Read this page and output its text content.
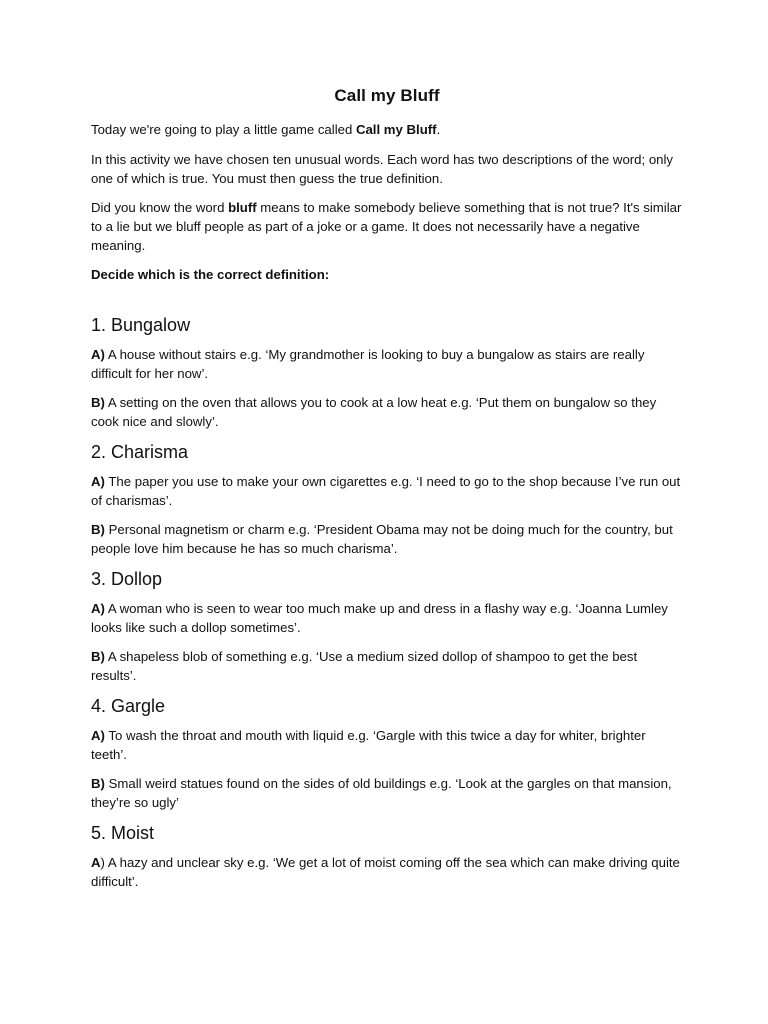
Call my Bluff

Today we're going to play a little game called Call my Bluff.

In this activity we have chosen ten unusual words. Each word has two descriptions of the word; only one of which is true. You must then guess the true definition.

Did you know the word bluff means to make somebody believe something that is not true? It's similar to a lie but we bluff people as part of a joke or a game. It does not necessarily have a negative meaning.

Decide which is the correct definition:

1. Bungalow

A) A house without stairs e.g. ‘My grandmother is looking to buy a bungalow as stairs are really difficult for her now’.

B) A setting on the oven that allows you to cook at a low heat e.g. ‘Put them on bungalow so they cook nice and slowly’.

2. Charisma

A) The paper you use to make your own cigarettes e.g. ‘I need to go to the shop because I’ve run out of charismas’.

B) Personal magnetism or charm e.g. ‘President Obama may not be doing much for the country, but people love him because he has so much charisma’.

3. Dollop

A) A woman who is seen to wear too much make up and dress in a flashy way e.g. ‘Joanna Lumley looks like such a dollop sometimes’.

B) A shapeless blob of something e.g. ‘Use a medium sized dollop of shampoo to get the best results’.

4. Gargle

A) To wash the throat and mouth with liquid e.g. ‘Gargle with this twice a day for whiter, brighter teeth’.

B) Small weird statues found on the sides of old buildings e.g. ‘Look at the gargles on that mansion, they’re so ugly’

5. Moist

A) A hazy and unclear sky e.g. ‘We get a lot of moist coming off the sea which can make driving quite difficult’.
